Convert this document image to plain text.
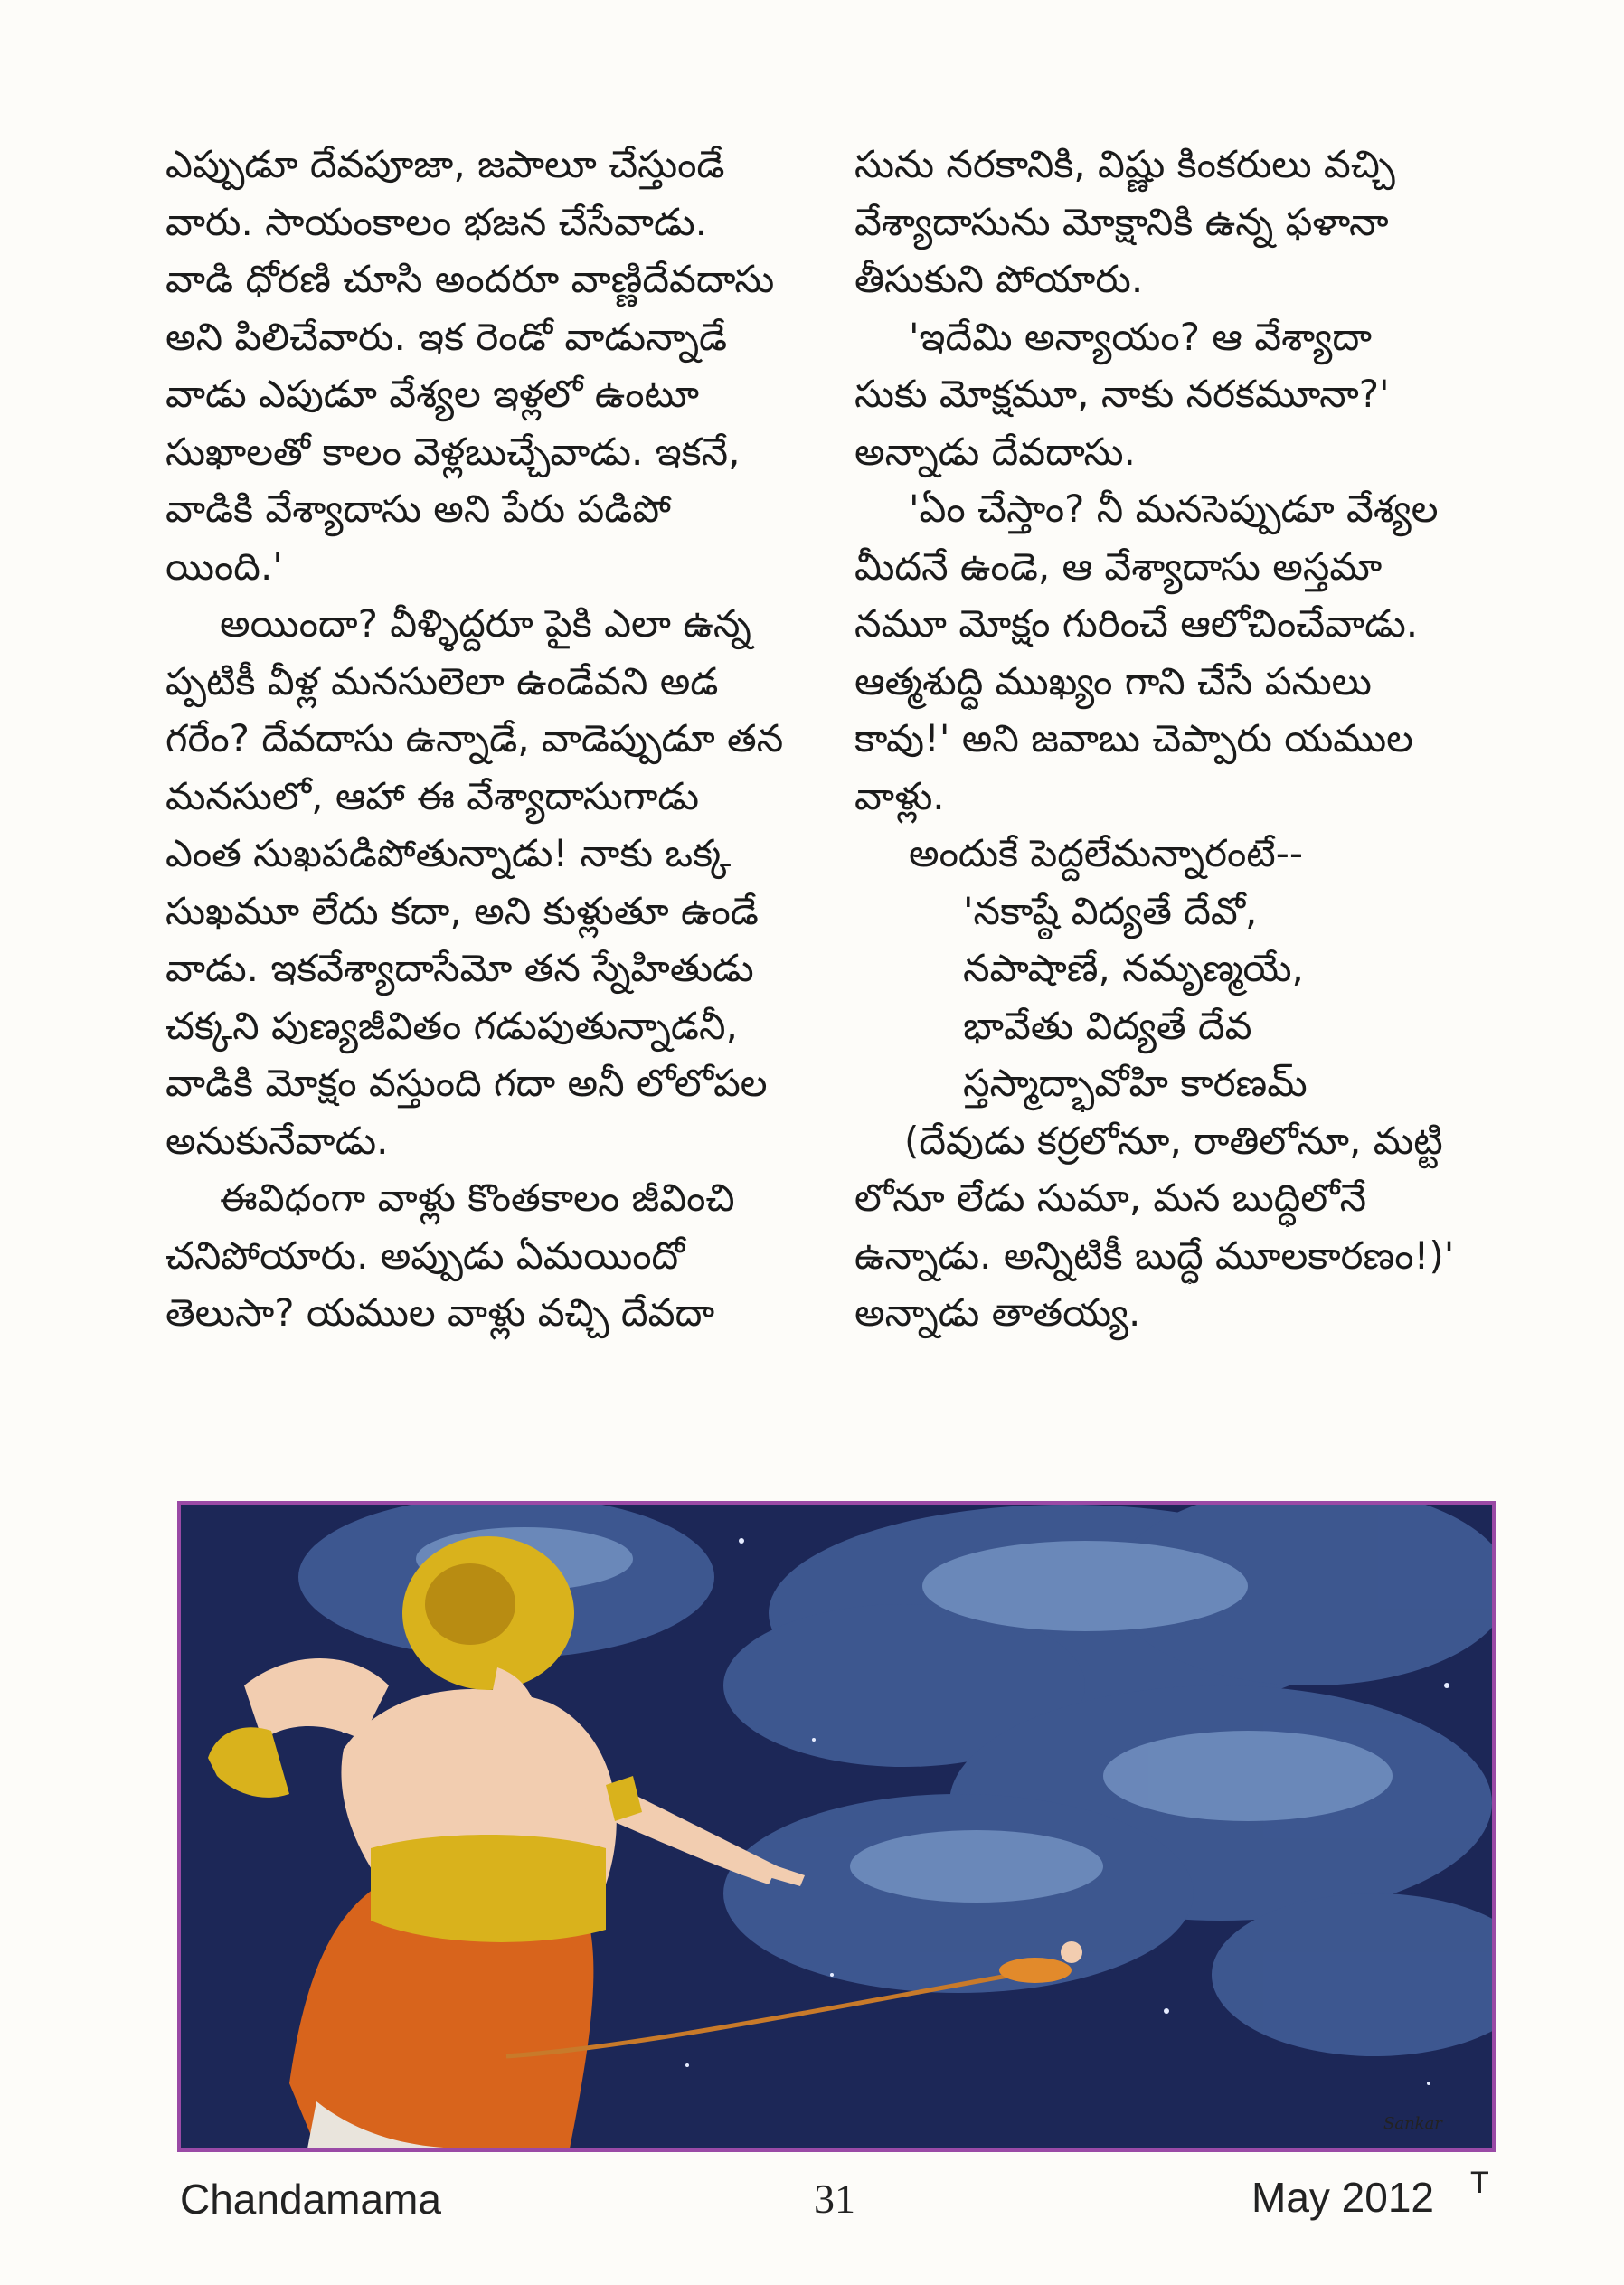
ఎప్పుడూ దేవపూజా, జపాలూ చేస్తుండే
వారు. సాయంకాలం భజన చేసేవాడు.
వాడి ధోరణి చూసి అందరూ వాణ్ణిదేవదాసు
అని పిలిచేవారు. ఇక రెండో వాడున్నాడే
వాడు ఎపుడూ వేశ్యల ఇళ్లలో ఉంటూ
సుఖాలతో కాలం వెళ్లబుచ్చేవాడు. ఇకనే,
వాడికి వేశ్యాదాసు అని పేరు పడిపో
యింది.'
అయిందా? వీళ్ళిద్దరూ పైకి ఎలా ఉన్న
ప్పటికీ వీళ్ల మనసులెలా ఉండేవని అడ
గరేం? దేవదాసు ఉన్నాడే, వాడెప్పుడూ తన
మనసులో, ఆహా ఈ వేశ్యాదాసుగాడు
ఎంత సుఖపడిపోతున్నాడు! నాకు ఒక్క
సుఖమూ లేదు కదా, అని కుళ్లుతూ ఉండే
వాడు. ఇకవేశ్యాదాసేమో తన స్నేహితుడు
చక్కని పుణ్యజీవితం గడుపుతున్నాడనీ,
వాడికి మోక్షం వస్తుంది గదా అనీ లోలోపల
అనుకునేవాడు.
ఈవిధంగా వాళ్లు కొంతకాలం జీవించి
చనిపోయారు. అప్పుడు ఏమయిందో
తెలుసా? యముల వాళ్లు వచ్చి దేవదా
సును నరకానికి, విష్ణు కింకరులు వచ్చి
వేశ్యాదాసును మోక్షానికి ఉన్న ఫళానా
తీసుకుని పోయారు.
'ఇదేమి అన్యాయం? ఆ వేశ్యాదా
సుకు మోక్షమూ, నాకు నరకమూనా?'
అన్నాడు దేవదాసు.
'ఏం చేస్తాం? నీ మనసెప్పుడూ వేశ్యల
మీదనే ఉండె, ఆ వేశ్యాదాసు అస్తమా
నమూ మోక్షం గురించే ఆలోచించేవాడు.
ఆత్మశుద్ధి ముఖ్యం గాని చేసే పనులు
కావు!' అని జవాబు చెప్పారు యముల
వాళ్లు.
అందుకే పెద్దలేమన్నారంటే--
'నకాష్ఠే విద్యతే దేవో,
నపాషాణే, నమృణ్మయే,
భావేతు విద్యతే దేవ
స్తస్మాద్భావోహి కారణమ్
(దేవుడు కర్రలోనూ, రాతిలోనూ, మట్టి
లోనూ లేడు సుమా, మన బుద్ధిలోనే
ఉన్నాడు. అన్నిటికీ బుద్ధే మూలకారణం!)'
అన్నాడు తాతయ్య.
Sankar
Chandamama	31	May 2012 T
